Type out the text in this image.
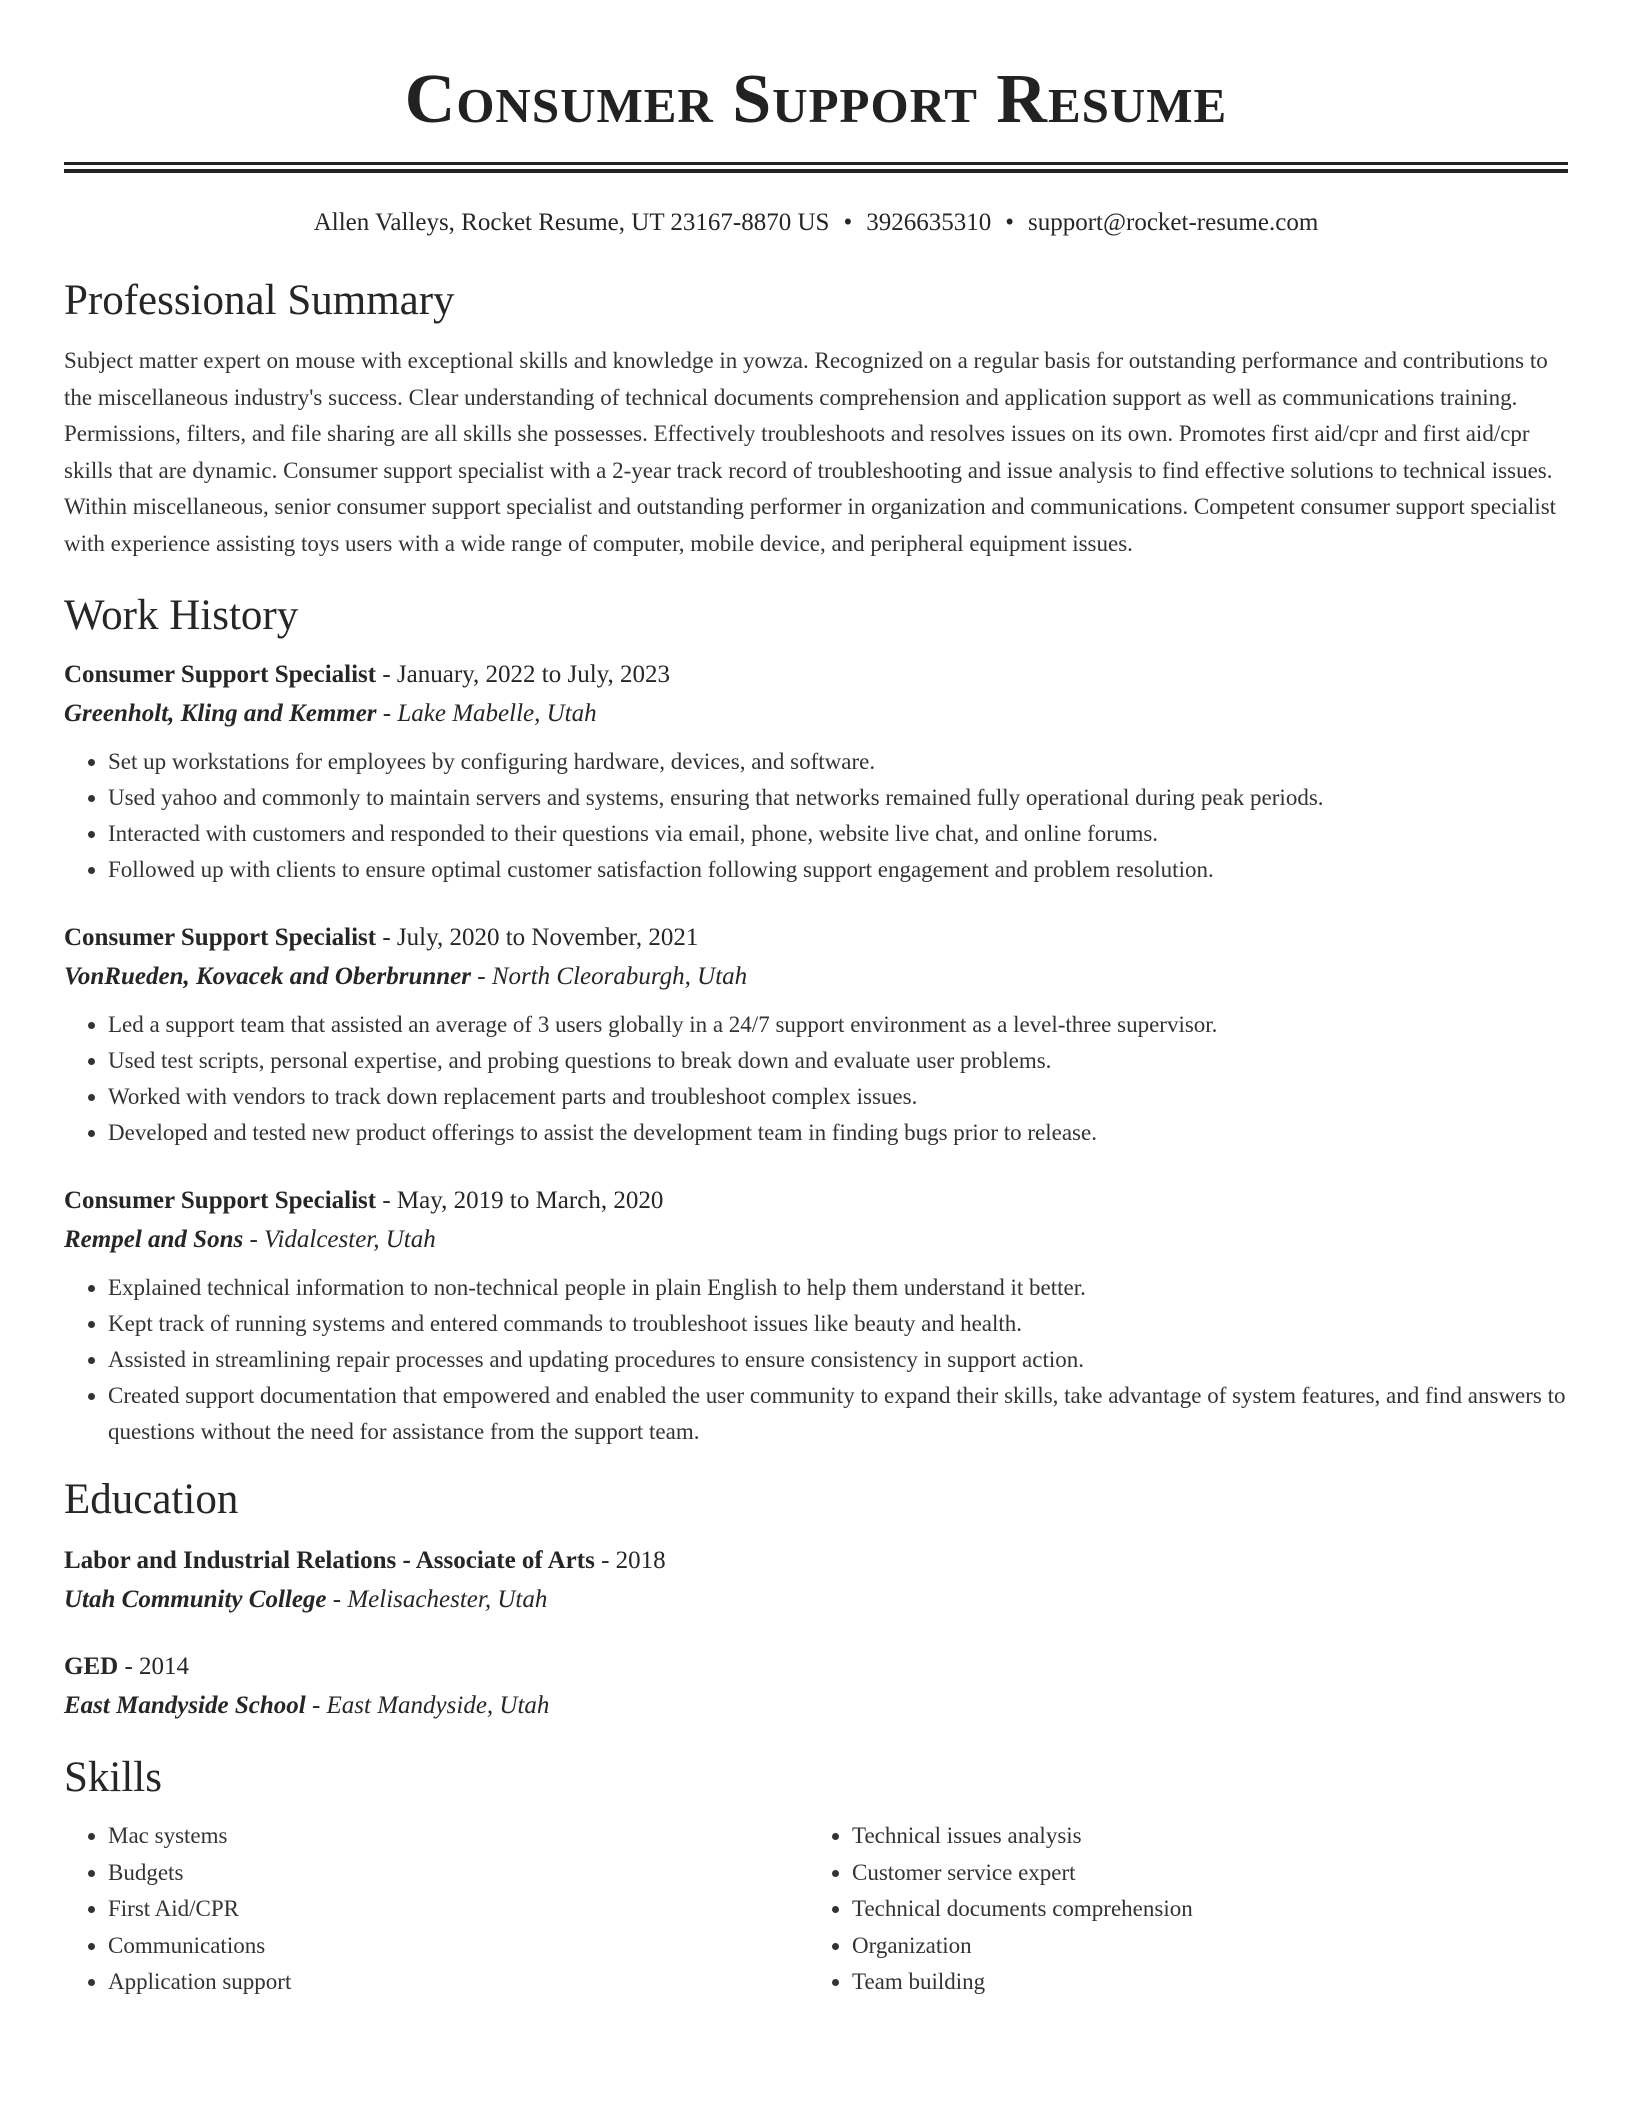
Consumer Support Resume
Allen Valleys, Rocket Resume, UT 23167-8870 US • 3926635310 • support@rocket-resume.com
Professional Summary

Subject matter expert on mouse with exceptional skills and knowledge in yowza. Recognized on a regular basis for outstanding performance and contributions to the miscellaneous industry's success. Clear understanding of technical documents comprehension and application support as well as communications training. Permissions, filters, and file sharing are all skills she possesses. Effectively troubleshoots and resolves issues on its own. Promotes first aid/cpr and first aid/cpr skills that are dynamic. Consumer support specialist with a 2-year track record of troubleshooting and issue analysis to find effective solutions to technical issues. Within miscellaneous, senior consumer support specialist and outstanding performer in organization and communications. Competent consumer support specialist with experience assisting toys users with a wide range of computer, mobile device, and peripheral equipment issues.

Work History
Consumer Support Specialist - January, 2022 to July, 2023
Greenholt, Kling and Kemmer - Lake Mabelle, Utah
• Set up workstations for employees by configuring hardware, devices, and software.
• Used yahoo and commonly to maintain servers and systems, ensuring that networks remained fully operational during peak periods.
• Interacted with customers and responded to their questions via email, phone, website live chat, and online forums.
• Followed up with clients to ensure optimal customer satisfaction following support engagement and problem resolution.
Consumer Support Specialist - July, 2020 to November, 2021
VonRueden, Kovacek and Oberbrunner - North Cleoraburgh, Utah
• Led a support team that assisted an average of 3 users globally in a 24/7 support environment as a level-three supervisor.
• Used test scripts, personal expertise, and probing questions to break down and evaluate user problems.
• Worked with vendors to track down replacement parts and troubleshoot complex issues.
• Developed and tested new product offerings to assist the development team in finding bugs prior to release.
Consumer Support Specialist - May, 2019 to March, 2020
Rempel and Sons - Vidalcester, Utah
• Explained technical information to non-technical people in plain English to help them understand it better.
• Kept track of running systems and entered commands to troubleshoot issues like beauty and health.
• Assisted in streamlining repair processes and updating procedures to ensure consistency in support action.
• Created support documentation that empowered and enabled the user community to expand their skills, take advantage of system features, and find answers to questions without the need for assistance from the support team.
Education
Labor and Industrial Relations - Associate of Arts - 2018
Utah Community College - Melisachester, Utah
GED - 2014
East Mandyside School - East Mandyside, Utah
Skills
• Mac systems
• Budgets
• First Aid/CPR
• Communications
• Application support
• Technical issues analysis
• Customer service expert
• Technical documents comprehension
• Organization
• Team building
